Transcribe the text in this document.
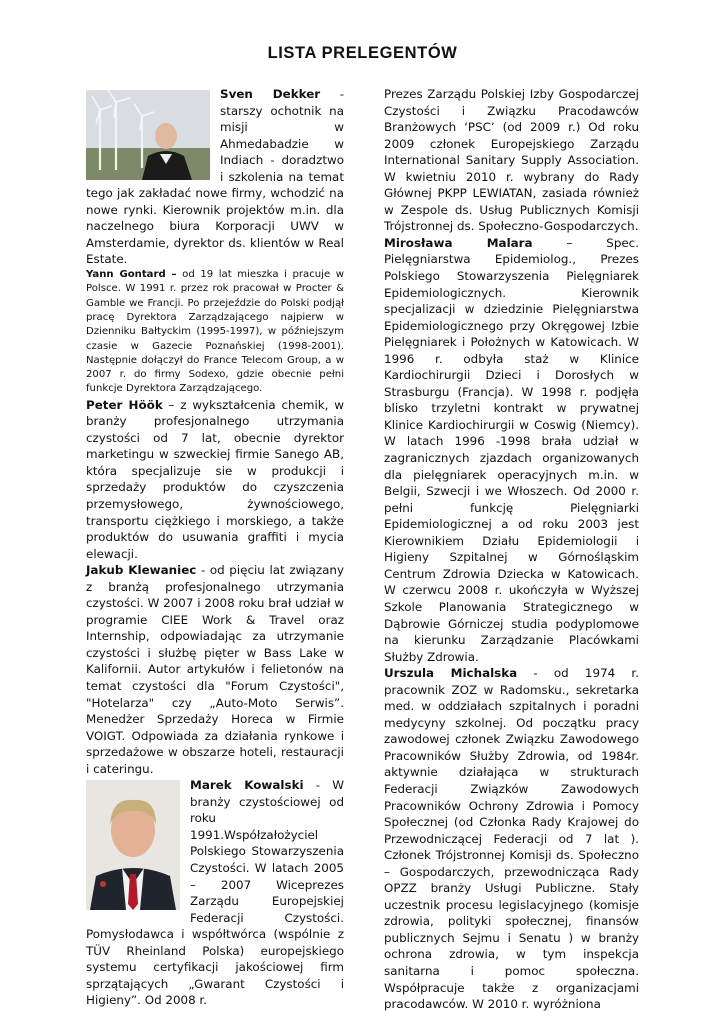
LISTA PRELEGENTÓW

Sven Dekker - starszy ochotnik na misji w Ahmedabadzie w Indiach - doradztwo i szkolenia na temat tego jak zakładać nowe firmy, wchodzić na nowe rynki. Kierownik projektów m.in. dla naczelnego biura Korporacji UWV w Amsterdamie, dyrektor ds. klientów w Real Estate.

Yann Gontard – od 19 lat mieszka i pracuje w Polsce. W 1991 r. przez rok pracował w Procter & Gamble we Francji. Po przejeździe do Polski podjął pracę Dyrektora Zarządzającego najpierw w Dzienniku Bałtyckim (1995-1997), w późniejszym czasie w Gazecie Poznańskiej (1998-2001). Następnie dołączył do France Telecom Group, a w 2007 r. do firmy Sodexo, gdzie obecnie pełni funkcje Dyrektora Zarządzającego.

Peter Höök – z wykształcenia chemik, w branży profesjonalnego utrzymania czystości od 7 lat, obecnie dyrektor marketingu w szweckiej firmie Sanego AB, która specjalizuje sie w produkcji i sprzedaży produktów do czyszczenia przemysłowego, żywnościowego, transportu ciężkiego i morskiego, a także produktów do usuwania graffiti i mycia elewacji.

Jakub Klewaniec - od pięciu lat związany z branżą profesjonalnego utrzymania czystości. W 2007 i 2008 roku brał udział w programie CIEE Work & Travel oraz Internship, odpowiadając za utrzymanie czystości i służbę pięter w Bass Lake w Kalifornii. Autor artykułów i felietonów na temat czystości dla "Forum Czystości", "Hotelarza" czy „Auto-Moto Serwis”. Menedżer Sprzedaży Horeca w Firmie VOIGT. Odpowiada za działania rynkowe i sprzedażowe w obszarze hoteli, restauracji i cateringu.

Marek Kowalski - W branży czystościowej od roku 1991.Współzałożyciel Polskiego Stowarzyszenia Czystości. W latach 2005 – 2007 Wiceprezes Zarządu Europejskiej Federacji Czystości. Pomysłodawca i współtwórca (wspólnie z TÜV Rheinland Polska) europejskiego systemu certyfikacji jakościowej firm sprzątających „Gwarant Czystości i Higieny”. Od 2008 r.

Prezes Zarządu Polskiej Izby Gospodarczej Czystości i Związku Pracodawców Branżowych ‘PSC’ (od 2009 r.) Od roku 2009 członek Europejskiego Zarządu International Sanitary Supply Association. W kwietniu 2010 r. wybrany do Rady Głównej PKPP LEWIATAN, zasiada również w Zespole ds. Usług Publicznych Komisji Trójstronnej ds. Społeczno-Gospodarczych.

Mirosława Malara – Spec. Pielęgniarstwa Epidemiolog., Prezes Polskiego Stowarzyszenia Pielęgniarek Epidemiologicznych. Kierownik specjalizacji w dziedzinie Pielęgniarstwa Epidemiologicznego przy Okręgowej Izbie Pielęgniarek i Położnych w Katowicach. W 1996 r. odbyła staż w Klinice Kardiochirurgii Dzieci i Dorosłych w Strasburgu (Francja). W 1998 r. podjęła blisko trzyletni kontrakt w prywatnej Klinice Kardiochirurgii w Coswig (Niemcy). W latach 1996 -1998 brała udział w zagranicznych zjazdach organizowanych dla pielęgniarek operacyjnych m.in. w Belgii, Szwecji i we Włoszech. Od 2000 r. pełni funkcję Pielęgniarki Epidemiologicznej a od roku 2003 jest Kierownikiem Działu Epidemiologii i Higieny Szpitalnej w Górnośląskim Centrum Zdrowia Dziecka w Katowicach. W czerwcu 2008 r. ukończyła w Wyższej Szkole Planowania Strategicznego w Dąbrowie Górniczej studia podyplomowe na kierunku Zarządzanie Placówkami Służby Zdrowia.

Urszula Michalska - od 1974 r. pracownik ZOZ w Radomsku., sekretarka med. w oddziałach szpitalnych i poradni medycyny szkolnej. Od początku pracy zawodowej członek Związku Zawodowego Pracowników Służby Zdrowia, od 1984r. aktywnie działająca w strukturach Federacji Związków Zawodowych Pracowników Ochrony Zdrowia i Pomocy Społecznej (od Członka Rady Krajowej do Przewodniczącej Federacji od 7 lat ). Członek Trójstronnej Komisji ds. Społeczno – Gospodarczych, przewodnicząca Rady OPZZ branży Usługi Publiczne. Stały uczestnik procesu legislacyjnego (komisje zdrowia, polityki społecznej, finansów publicznych Sejmu i Senatu ) w branży ochrona zdrowia, w tym inspekcja sanitarna i pomoc społeczna. Współpracuje także z organizacjami pracodawców. W 2010 r. wyróżniona
